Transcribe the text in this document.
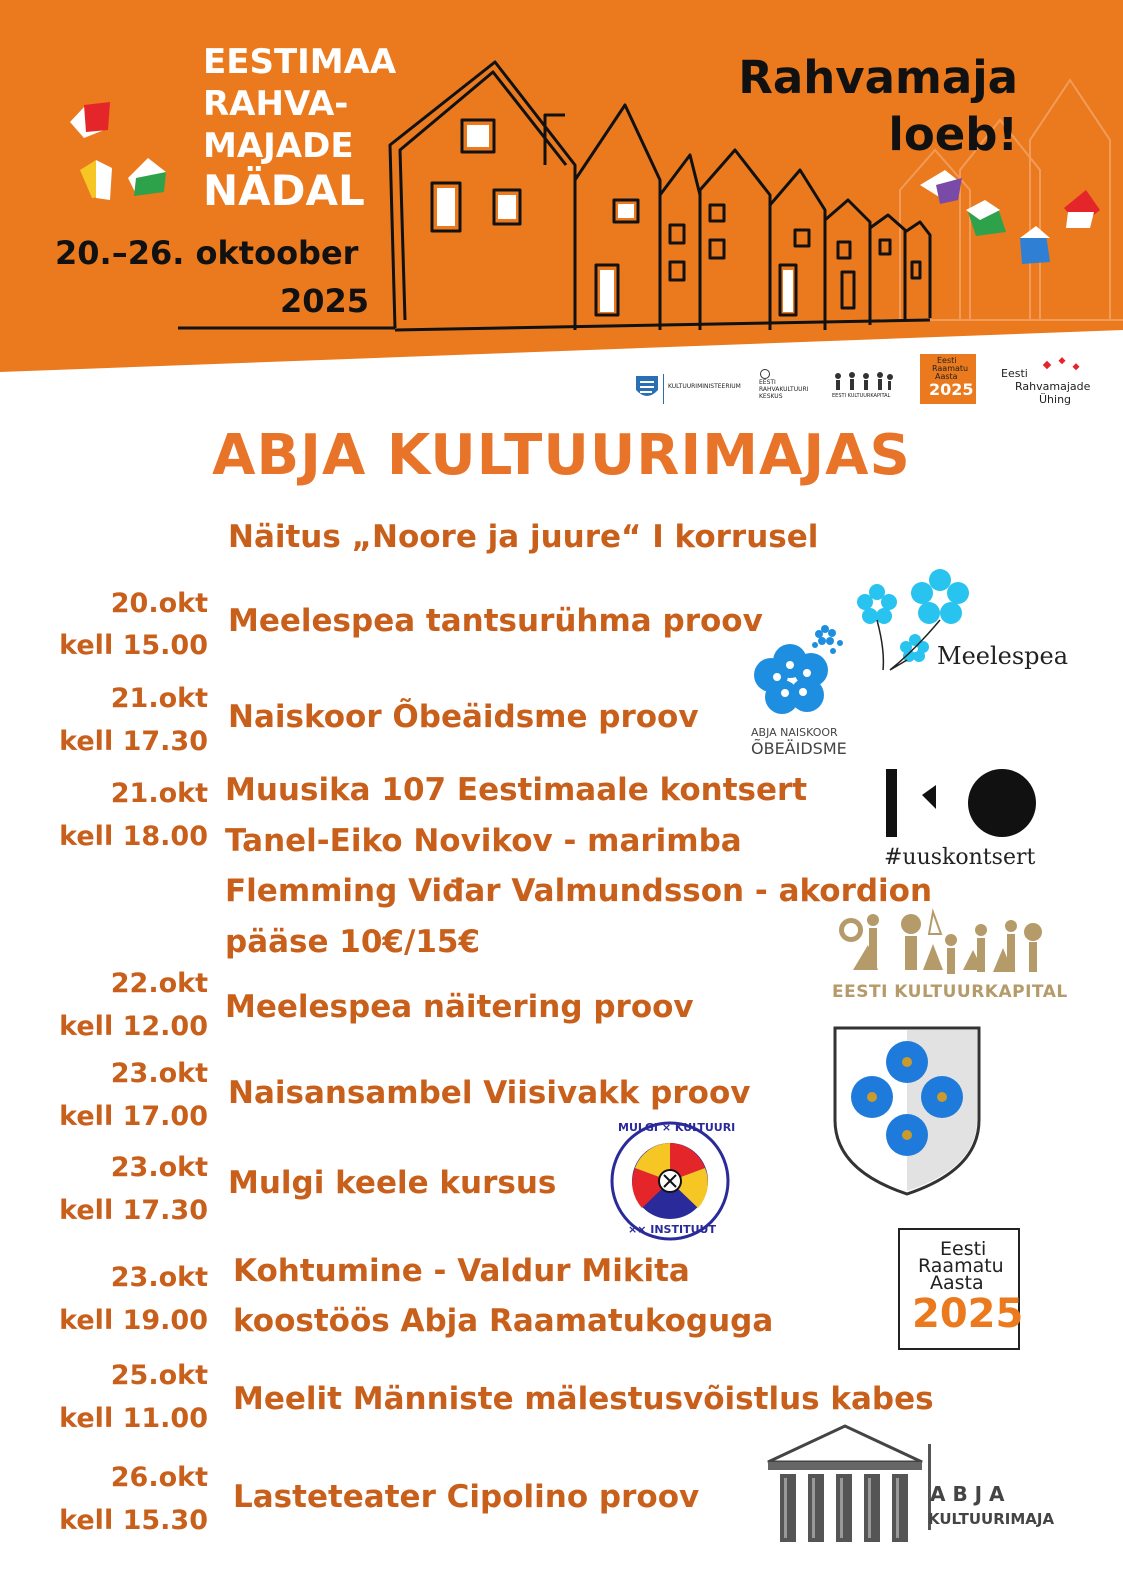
EESTIMAA
RAHVA-
MAJADE
NÄDAL
20.–26. oktoober
2025
Rahvamaja
loeb!
KULTUURIMINISTEERIUM
EESTI
RAHVAKULTUURI
KESKUS	EESTI KULTUURKAPITAL
Eesti
Raamatu
Aasta
2025
Eesti
Rahvamajade
Ühing
ABJA KULTUURIMAJAS
Näitus „Noore ja juure“ I korrusel
20.okt
kell 15.00
Meelespea tantsurühma proov
21.okt
kell 17.30
Naiskoor Õbeäidsme proov
21.okt
kell 18.00
Muusika 107 Eestimaale kontsert
Tanel-Eiko Novikov - marimba
Flemming Viđar Valmundsson - akordion
pääse 10€/15€
22.okt
kell 12.00
Meelespea näitering proov
23.okt
kell 17.00
Naisansambel Viisivakk proov
23.okt
kell 17.30
Mulgi keele kursus
23.okt
kell 19.00
Kohtumine - Valdur Mikita
koostöös Abja Raamatukoguga
25.okt
kell 11.00
Meelit Männiste mälestusvõistlus kabes
26.okt
kell 15.30
Lasteteater Cipolino proov
Meelespea
ABJA NAISKOOR
ÕBEÄIDSME
#uuskontsert
EESTI KULTUURKAPITAL
MULGI × KULTUURI
×× INSTITUUT
Eesti
Raamatu
Aasta
2025
A B J A
KULTUURIMAJA
